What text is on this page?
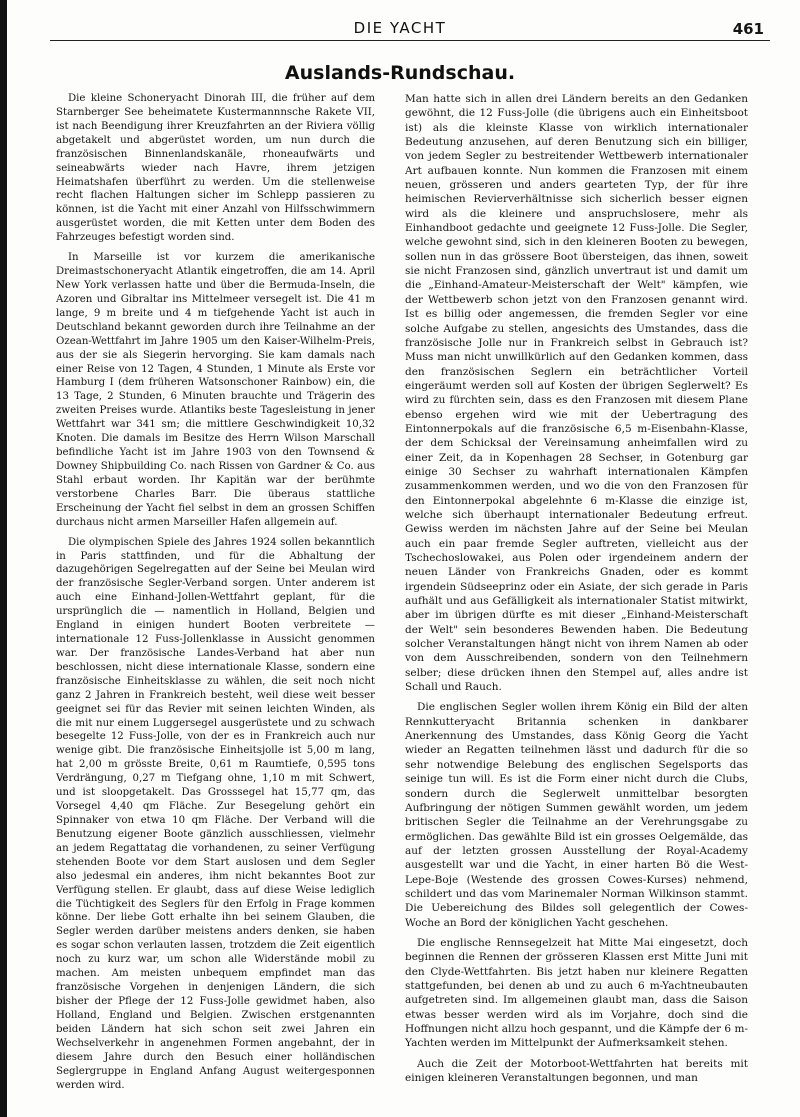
DIE YACHT	461
Auslands-Rundschau.

Die kleine Schoneryacht Dinorah III, die früher auf dem Starnberger See beheimatete Kustermannnsche Rakete VII, ist nach Beendigung ihrer Kreuzfahrten an der Riviera völlig abgetakelt und abgerüstet worden, um nun durch die französischen Binnenlandskanäle, rhoneaufwärts und seineabwärts wieder nach Havre, ihrem jetzigen Heimatshafen überführt zu werden. Um die stellenweise recht flachen Haltungen sicher im Schlepp passieren zu können, ist die Yacht mit einer Anzahl von Hilfsschwimmern ausgerüstet worden, die mit Ketten unter dem Boden des Fahrzeuges befestigt worden sind.

In Marseille ist vor kurzem die amerikanische Dreimastschoneryacht Atlantik eingetroffen, die am 14. April New York verlassen hatte und über die Bermuda-Inseln, die Azoren und Gibraltar ins Mittelmeer versegelt ist. Die 41 m lange, 9 m breite und 4 m tiefgehende Yacht ist auch in Deutschland bekannt geworden durch ihre Teilnahme an der Ozean-Wettfahrt im Jahre 1905 um den Kaiser-Wilhelm-Preis, aus der sie als Siegerin hervorging. Sie kam damals nach einer Reise von 12 Tagen, 4 Stunden, 1 Minute als Erste vor Hamburg I (dem früheren Watsonschoner Rainbow) ein, die 13 Tage, 2 Stunden, 6 Minuten brauchte und Trägerin des zweiten Preises wurde. Atlantiks beste Tagesleistung in jener Wettfahrt war 341 sm; die mittlere Geschwindigkeit 10,32 Knoten. Die damals im Besitze des Herrn Wilson Marschall befindliche Yacht ist im Jahre 1903 von den Townsend & Downey Shipbuilding Co. nach Rissen von Gardner & Co. aus Stahl erbaut worden. Ihr Kapitän war der berühmte verstorbene Charles Barr. Die überaus stattliche Erscheinung der Yacht fiel selbst in dem an grossen Schiffen durchaus nicht armen Marseiller Hafen allgemein auf.

Die olympischen Spiele des Jahres 1924 sollen bekanntlich in Paris stattfinden, und für die Abhaltung der dazugehörigen Segelregatten auf der Seine bei Meulan wird der französische Segler-Verband sorgen. Unter anderem ist auch eine Einhand-Jollen-Wettfahrt geplant, für die ursprünglich die — namentlich in Holland, Belgien und England in einigen hundert Booten verbreitete — internationale 12 Fuss-Jollenklasse in Aussicht genommen war. Der französische Landes-Verband hat aber nun beschlossen, nicht diese internationale Klasse, sondern eine französische Einheitsklasse zu wählen, die seit noch nicht ganz 2 Jahren in Frankreich besteht, weil diese weit besser geeignet sei für das Revier mit seinen leichten Winden, als die mit nur einem Luggersegel ausgerüstete und zu schwach besegelte 12 Fuss-Jolle, von der es in Frankreich auch nur wenige gibt. Die französische Einheitsjolle ist 5,00 m lang, hat 2,00 m grösste Breite, 0,61 m Raumtiefe, 0,595 tons Verdrängung, 0,27 m Tiefgang ohne, 1,10 m mit Schwert, und ist sloopgetakelt. Das Grosssegel hat 15,77 qm, das Vorsegel 4,40 qm Fläche. Zur Besegelung gehört ein Spinnaker von etwa 10 qm Fläche. Der Verband will die Benutzung eigener Boote gänzlich ausschliessen, vielmehr an jedem Regattatag die vorhandenen, zu seiner Verfügung stehenden Boote vor dem Start auslosen und dem Segler also jedesmal ein anderes, ihm nicht bekanntes Boot zur Verfügung stellen. Er glaubt, dass auf diese Weise lediglich die Tüchtigkeit des Seglers für den Erfolg in Frage kommen könne. Der liebe Gott erhalte ihn bei seinem Glauben, die Segler werden darüber meistens anders denken, sie haben es sogar schon verlauten lassen, trotzdem die Zeit eigentlich noch zu kurz war, um schon alle Widerstände mobil zu machen. Am meisten unbequem empfindet man das französische Vorgehen in denjenigen Ländern, die sich bisher der Pflege der 12 Fuss-Jolle gewidmet haben, also Holland, England und Belgien. Zwischen erstgenannten beiden Ländern hat sich schon seit zwei Jahren ein Wechselverkehr in angenehmen Formen angebahnt, der in diesem Jahre durch den Besuch einer holländischen Seglergruppe in England Anfang August weitergesponnen werden wird.

Man hatte sich in allen drei Ländern bereits an den Gedanken gewöhnt, die 12 Fuss-Jolle (die übrigens auch ein Einheitsboot ist) als die kleinste Klasse von wirklich internationaler Bedeutung anzusehen, auf deren Benutzung sich ein billiger, von jedem Segler zu bestreitender Wettbewerb internationaler Art aufbauen konnte. Nun kommen die Franzosen mit einem neuen, grösseren und anders gearteten Typ, der für ihre heimischen Revierverhältnisse sich sicherlich besser eignen wird als die kleinere und anspruchslosere, mehr als Einhandboot gedachte und geeignete 12 Fuss-Jolle. Die Segler, welche gewohnt sind, sich in den kleineren Booten zu bewegen, sollen nun in das grössere Boot übersteigen, das ihnen, soweit sie nicht Franzosen sind, gänzlich unvertraut ist und damit um die „Einhand-Amateur-Meisterschaft der Welt" kämpfen, wie der Wettbewerb schon jetzt von den Franzosen genannt wird. Ist es billig oder angemessen, die fremden Segler vor eine solche Aufgabe zu stellen, angesichts des Umstandes, dass die französische Jolle nur in Frankreich selbst in Gebrauch ist? Muss man nicht unwillkürlich auf den Gedanken kommen, dass den französischen Seglern ein beträchtlicher Vorteil eingeräumt werden soll auf Kosten der übrigen Seglerwelt? Es wird zu fürchten sein, dass es den Franzosen mit diesem Plane ebenso ergehen wird wie mit der Uebertragung des Eintonnerpokals auf die französische 6,5 m-Eisenbahn-Klasse, der dem Schicksal der Vereinsamung anheimfallen wird zu einer Zeit, da in Kopenhagen 28 Sechser, in Gotenburg gar einige 30 Sechser zu wahrhaft internationalen Kämpfen zusammenkommen werden, und wo die von den Franzosen für den Eintonnerpokal abgelehnte 6 m-Klasse die einzige ist, welche sich überhaupt internationaler Bedeutung erfreut. Gewiss werden im nächsten Jahre auf der Seine bei Meulan auch ein paar fremde Segler auftreten, vielleicht aus der Tschechoslowakei, aus Polen oder irgendeinem andern der neuen Länder von Frankreichs Gnaden, oder es kommt irgendein Südseeprinz oder ein Asiate, der sich gerade in Paris aufhält und aus Gefälligkeit als internationaler Statist mitwirkt, aber im übrigen dürfte es mit dieser „Einhand-Meisterschaft der Welt" sein besonderes Bewenden haben. Die Bedeutung solcher Veranstaltungen hängt nicht von ihrem Namen ab oder von dem Ausschreibenden, sondern von den Teilnehmern selber; diese drücken ihnen den Stempel auf, alles andre ist Schall und Rauch.

Die englischen Segler wollen ihrem König ein Bild der alten Rennkutteryacht Britannia schenken in dankbarer Anerkennung des Umstandes, dass König Georg die Yacht wieder an Regatten teilnehmen lässt und dadurch für die so sehr notwendige Belebung des englischen Segelsports das seinige tun will. Es ist die Form einer nicht durch die Clubs, sondern durch die Seglerwelt unmittelbar besorgten Aufbringung der nötigen Summen gewählt worden, um jedem britischen Segler die Teilnahme an der Verehrungsgabe zu ermöglichen. Das gewählte Bild ist ein grosses Oelgemälde, das auf der letzten grossen Ausstellung der Royal-Academy ausgestellt war und die Yacht, in einer harten Bö die West-Lepe-Boje (Westende des grossen Cowes-Kurses) nehmend, schildert und das vom Marinemaler Norman Wilkinson stammt. Die Uebereichung des Bildes soll gelegentlich der Cowes-Woche an Bord der königlichen Yacht geschehen.

Die englische Rennsegelzeit hat Mitte Mai eingesetzt, doch beginnen die Rennen der grösseren Klassen erst Mitte Juni mit den Clyde-Wettfahrten. Bis jetzt haben nur kleinere Regatten stattgefunden, bei denen ab und zu auch 6 m-Yachtneubauten aufgetreten sind. Im allgemeinen glaubt man, dass die Saison etwas besser werden wird als im Vorjahre, doch sind die Hoffnungen nicht allzu hoch gespannt, und die Kämpfe der 6 m-Yachten werden im Mittelpunkt der Aufmerksamkeit stehen.

Auch die Zeit der Motorboot-Wettfahrten hat bereits mit einigen kleineren Veranstaltungen begonnen, und man
